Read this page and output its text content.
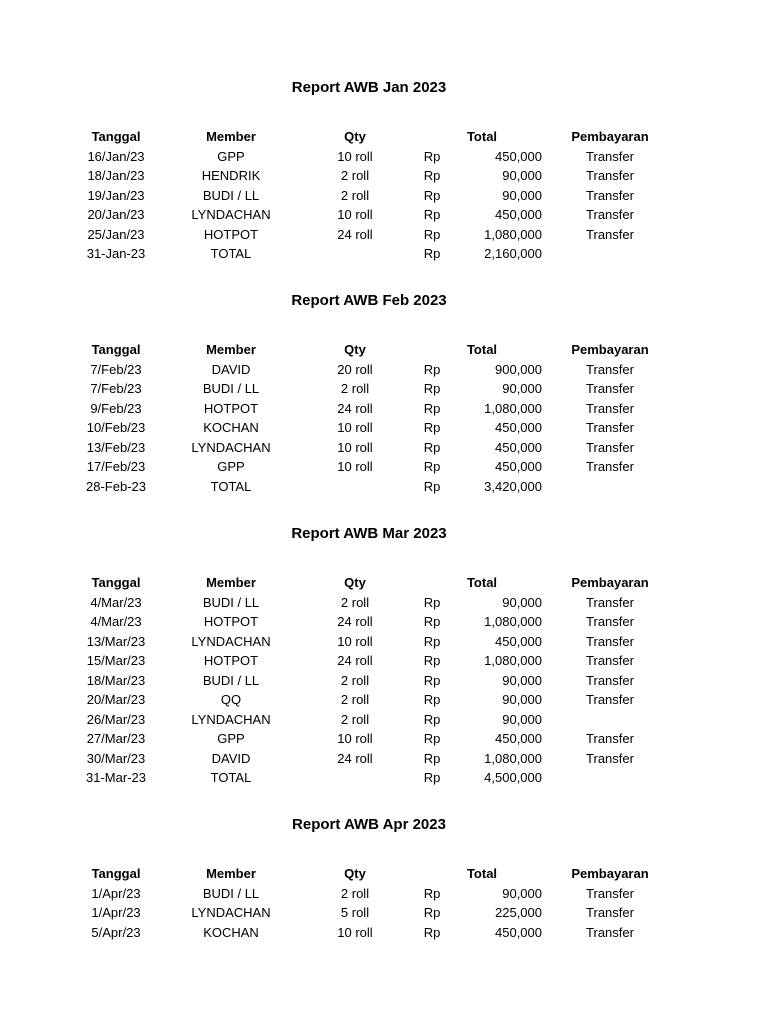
Report AWB Jan 2023
Tanggal	Member	Qty	Total	Pembayaran
16/Jan/23	GPP	10 roll	Rp	450,000	Transfer
18/Jan/23	HENDRIK	2 roll	Rp	90,000	Transfer
19/Jan/23	BUDI / LL	2 roll	Rp	90,000	Transfer
20/Jan/23	LYNDACHAN	10 roll	Rp	450,000	Transfer
25/Jan/23	HOTPOT	24 roll	Rp	1,080,000	Transfer
31-Jan-23	TOTAL	Rp	2,160,000
Report AWB Feb 2023
Tanggal	Member	Qty	Total	Pembayaran
7/Feb/23	DAVID	20 roll	Rp	900,000	Transfer
7/Feb/23	BUDI / LL	2 roll	Rp	90,000	Transfer
9/Feb/23	HOTPOT	24 roll	Rp	1,080,000	Transfer
10/Feb/23	KOCHAN	10 roll	Rp	450,000	Transfer
13/Feb/23	LYNDACHAN	10 roll	Rp	450,000	Transfer
17/Feb/23	GPP	10 roll	Rp	450,000	Transfer
28-Feb-23	TOTAL	Rp	3,420,000
Report AWB Mar 2023
Tanggal	Member	Qty	Total	Pembayaran
4/Mar/23	BUDI / LL	2 roll	Rp	90,000	Transfer
4/Mar/23	HOTPOT	24 roll	Rp	1,080,000	Transfer
13/Mar/23	LYNDACHAN	10 roll	Rp	450,000	Transfer
15/Mar/23	HOTPOT	24 roll	Rp	1,080,000	Transfer
18/Mar/23	BUDI / LL	2 roll	Rp	90,000	Transfer
20/Mar/23	QQ	2 roll	Rp	90,000	Transfer
26/Mar/23	LYNDACHAN	2 roll	Rp	90,000
27/Mar/23	GPP	10 roll	Rp	450,000	Transfer
30/Mar/23	DAVID	24 roll	Rp	1,080,000	Transfer
31-Mar-23	TOTAL	Rp	4,500,000
Report AWB Apr 2023
Tanggal	Member	Qty	Total	Pembayaran
1/Apr/23	BUDI / LL	2 roll	Rp	90,000	Transfer
1/Apr/23	LYNDACHAN	5 roll	Rp	225,000	Transfer
5/Apr/23	KOCHAN	10 roll	Rp	450,000	Transfer
